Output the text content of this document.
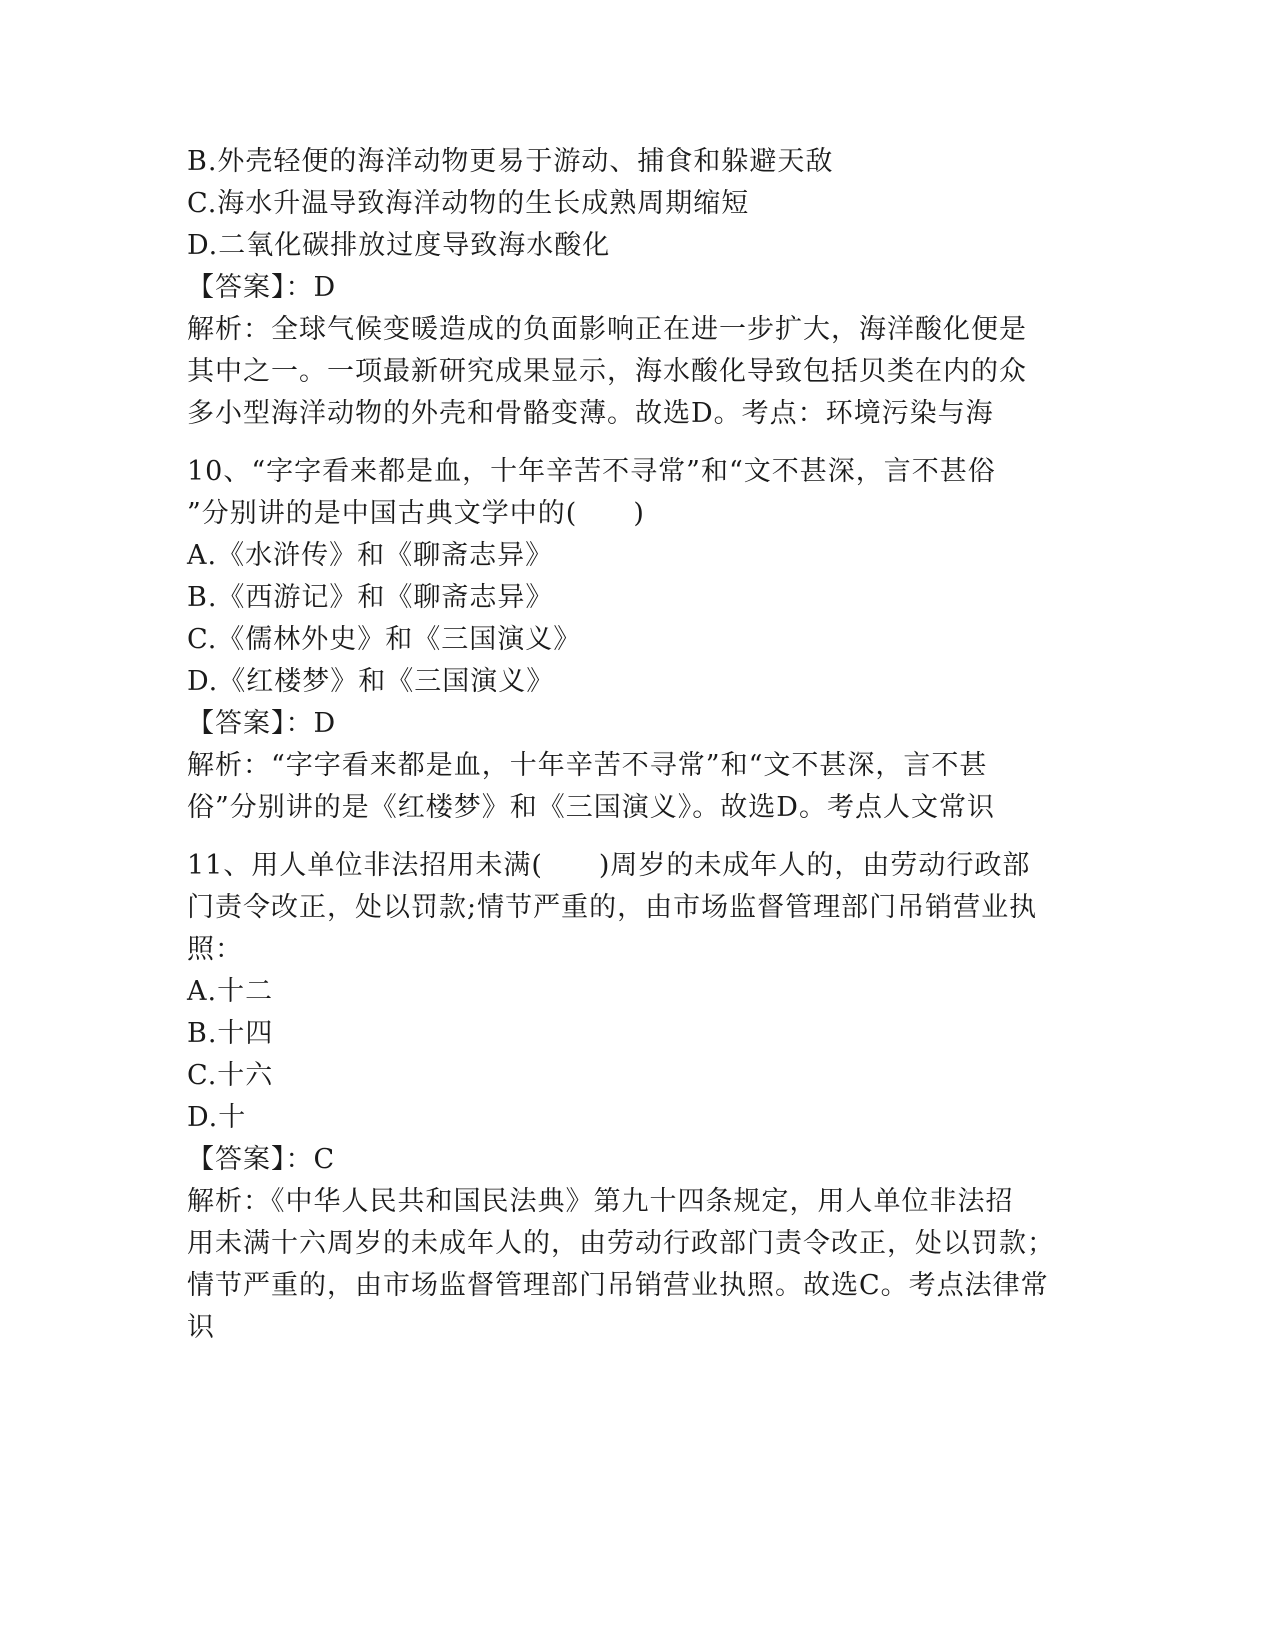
B.外壳轻便的海洋动物更易于游动、捕食和躲避天敌
C.海水升温导致海洋动物的生长成熟周期缩短
D.二氧化碳排放过度导致海水酸化
【答案】：D
解析：全球气候变暖造成的负面影响正在进一步扩大，海洋酸化便是
其中之一。一项最新研究成果显示，海水酸化导致包括贝类在内的众
多小型海洋动物的外壳和骨骼变薄。故选D。考点：环境污染与海
10、“字字看来都是血，十年辛苦不寻常”和“文不甚深，言不甚俗
”分别讲的是中国古典文学中的(　　)
A.《水浒传》和《聊斋志异》
B.《西游记》和《聊斋志异》
C.《儒林外史》和《三国演义》
D.《红楼梦》和《三国演义》
【答案】：D
解析：“字字看来都是血，十年辛苦不寻常”和“文不甚深，言不甚
俗”分别讲的是《红楼梦》和《三国演义》。故选D。考点人文常识
11、用人单位非法招用未满(　　)周岁的未成年人的，由劳动行政部
门责令改正，处以罚款;情节严重的，由市场监督管理部门吊销营业执
照：
A.十二
B.十四
C.十六
D.十
【答案】：C
解析：《中华人民共和国民法典》第九十四条规定，用人单位非法招
用未满十六周岁的未成年人的，由劳动行政部门责令改正，处以罚款；
情节严重的，由市场监督管理部门吊销营业执照。故选C。考点法律常
识
